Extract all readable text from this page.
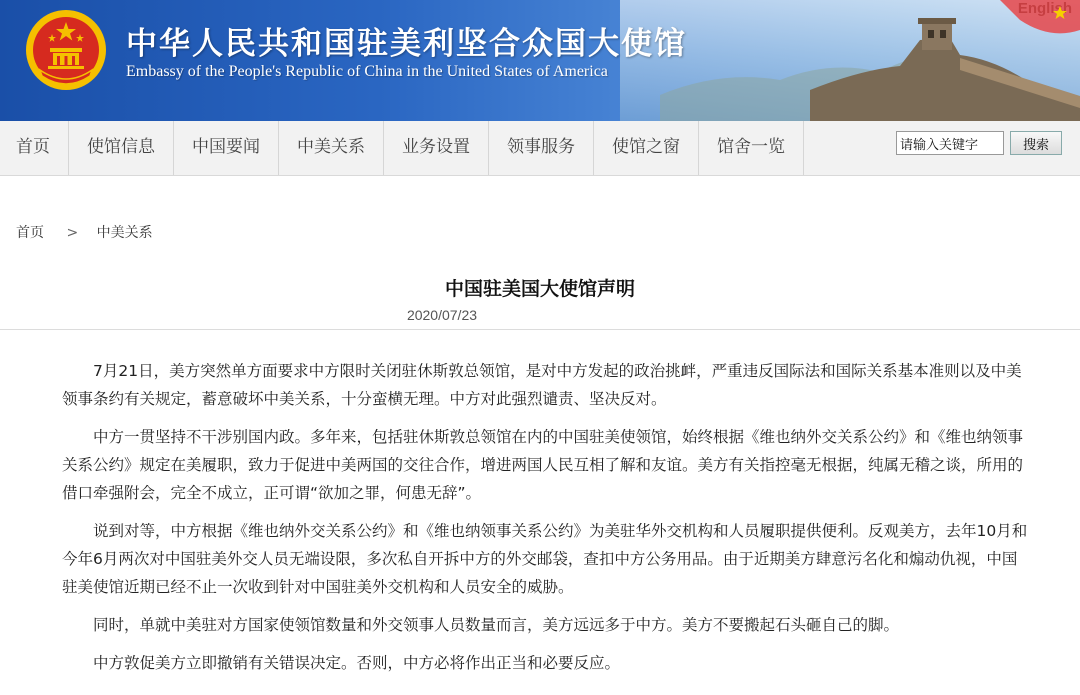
中华人民共和国驻美利坚合众国大使馆
Embassy of the People's Republic of China in the United States of America
首页	使馆信息	中国要闻	中美关系	业务设置	领事服务	使馆之窗	馆舍一览
请输入关键字	搜索
首页 > 中美关系
中国驻美国大使馆声明
2020/07/23

7月21日，美方突然单方面要求中方限时关闭驻休斯敦总领馆，是对中方发起的政治挑衅，严重违反国际法和国际关系基本准则以及中美领事条约有关规定，蓄意破坏中美关系，十分蛮横无理。中方对此强烈谴责、坚决反对。

中方一贯坚持不干涉别国内政。多年来，包括驻休斯敦总领馆在内的中国驻美使领馆，始终根据《维也纳外交关系公约》和《维也纳领事关系公约》规定在美履职，致力于促进中美两国的交往合作，增进两国人民互相了解和友谊。美方有关指控毫无根据，纯属无稽之谈，所用的借口牵强附会，完全不成立，正可谓“欲加之罪，何患无辞”。

说到对等，中方根据《维也纳外交关系公约》和《维也纳领事关系公约》为美驻华外交机构和人员履职提供便利。反观美方，去年10月和今年6月两次对中国驻美外交人员无端设限，多次私自开拆中方的外交邮袋，查扣中方公务用品。由于近期美方肆意污名化和煽动仇视，中国驻美使馆近期已经不止一次收到针对中国驻美外交机构和人员安全的威胁。

同时，单就中美驻对方国家使领馆数量和外交领事人员数量而言，美方远远多于中方。美方不要搬起石头砸自己的脚。

中方敦促美方立即撤销有关错误决定。否则，中方必将作出正当和必要反应。
